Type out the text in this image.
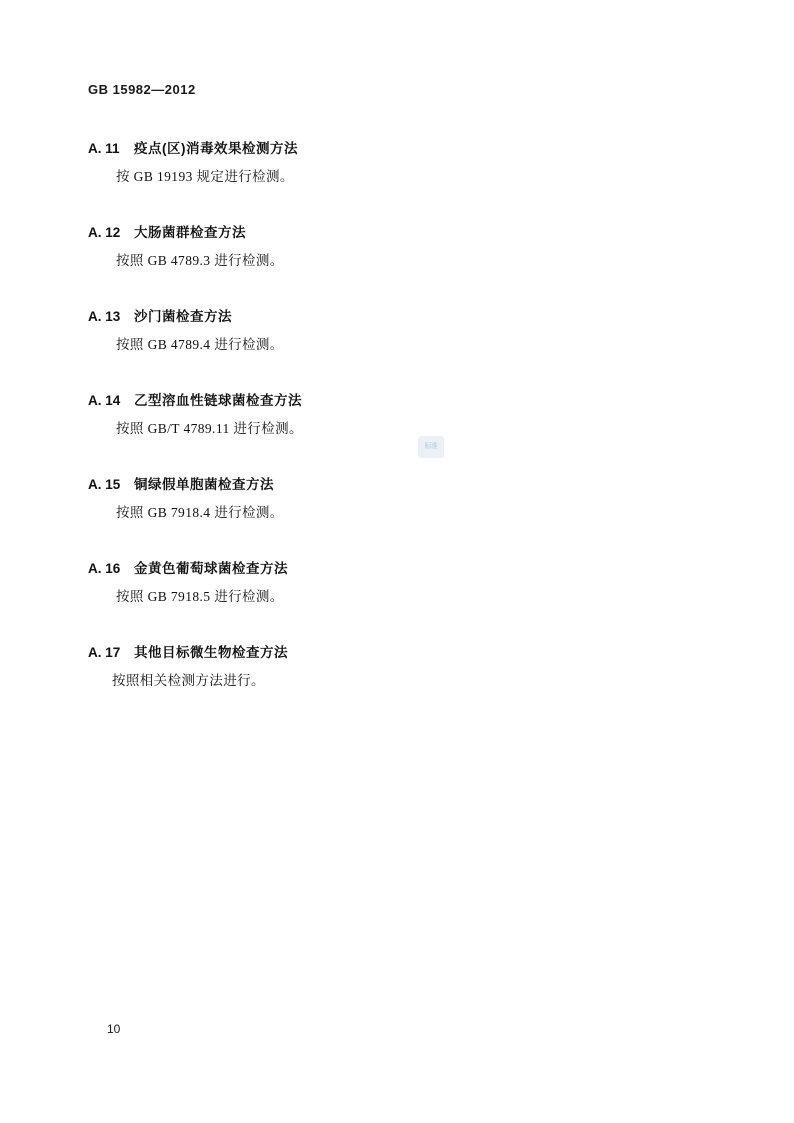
GB 15982—2012
A. 11 疫点(区)消毒效果检测方法
按 GB 19193 规定进行检测。
A. 12 大肠菌群检查方法
按照 GB 4789.3 进行检测。
A. 13 沙门菌检查方法
按照 GB 4789.4 进行检测。
A. 14 乙型溶血性链球菌检查方法
按照 GB/T 4789.11 进行检测。
A. 15 铜绿假单胞菌检查方法
按照 GB 7918.4 进行检测。
A. 16 金黄色葡萄球菌检查方法
按照 GB 7918.5 进行检测。
A. 17 其他目标微生物检查方法
按照相关检测方法进行。
标准
10
